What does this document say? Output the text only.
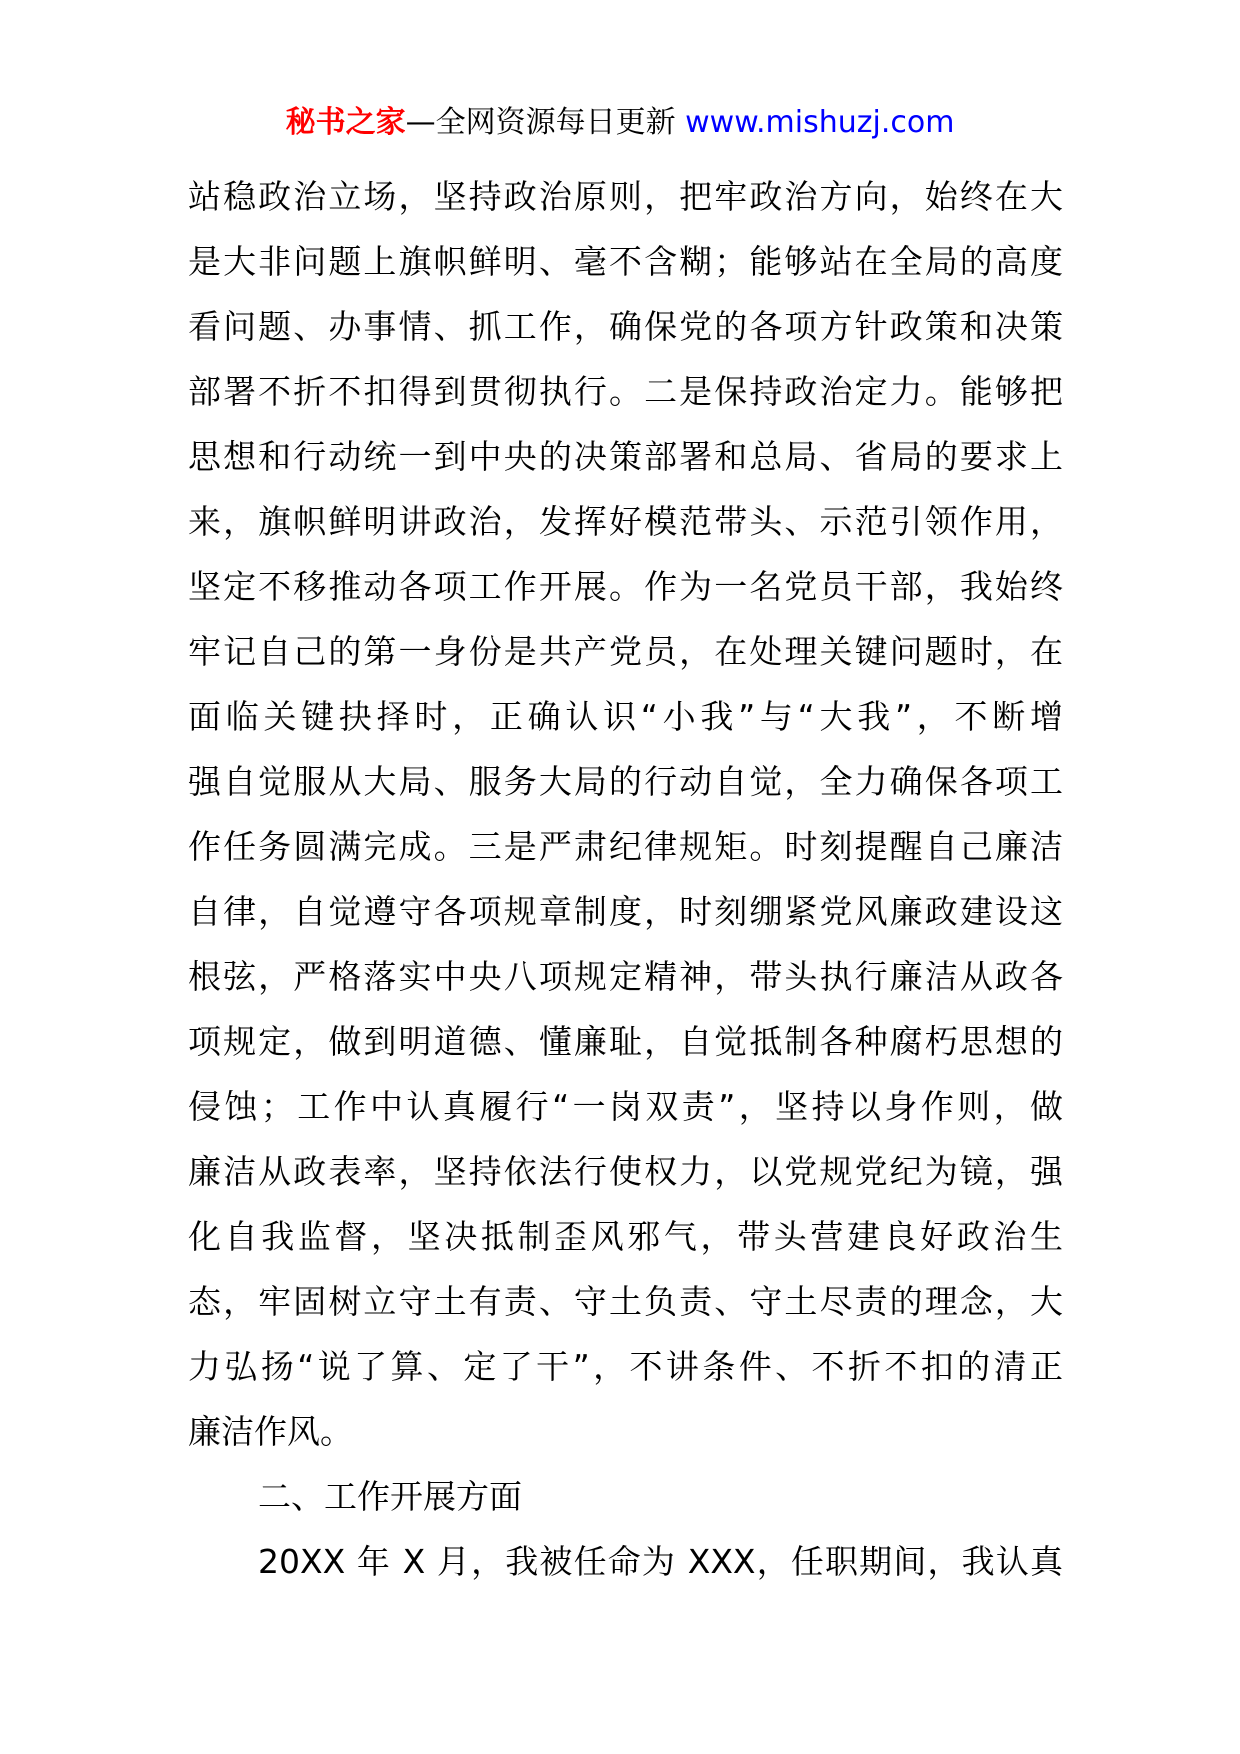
秘书之家—全网资源每日更新 www.mishuzj.com
站稳政治立场，坚持政治原则，把牢政治方向，始终在大
是大非问题上旗帜鲜明、毫不含糊；能够站在全局的高度
看问题、办事情、抓工作，确保党的各项方针政策和决策
部署不折不扣得到贯彻执行。二是保持政治定力。能够把
思想和行动统一到中央的决策部署和总局、省局的要求上
来，旗帜鲜明讲政治，发挥好模范带头、示范引领作用，
坚定不移推动各项工作开展。作为一名党员干部，我始终
牢记自己的第一身份是共产党员，在处理关键问题时，在
面临关键抉择时，正确认识“小我”与“大我”，不断增
强自觉服从大局、服务大局的行动自觉，全力确保各项工
作任务圆满完成。三是严肃纪律规矩。时刻提醒自己廉洁
自律，自觉遵守各项规章制度，时刻绷紧党风廉政建设这
根弦，严格落实中央八项规定精神，带头执行廉洁从政各
项规定，做到明道德、懂廉耻，自觉抵制各种腐朽思想的
侵蚀；工作中认真履行“一岗双责”，坚持以身作则，做
廉洁从政表率，坚持依法行使权力，以党规党纪为镜，强
化自我监督，坚决抵制歪风邪气，带头营建良好政治生
态，牢固树立守土有责、守土负责、守土尽责的理念，大
力弘扬“说了算、定了干”，不讲条件、不折不扣的清正
廉洁作风。
二、工作开展方面
20XX 年 X 月，我被任命为 XXX，任职期间，我认真
